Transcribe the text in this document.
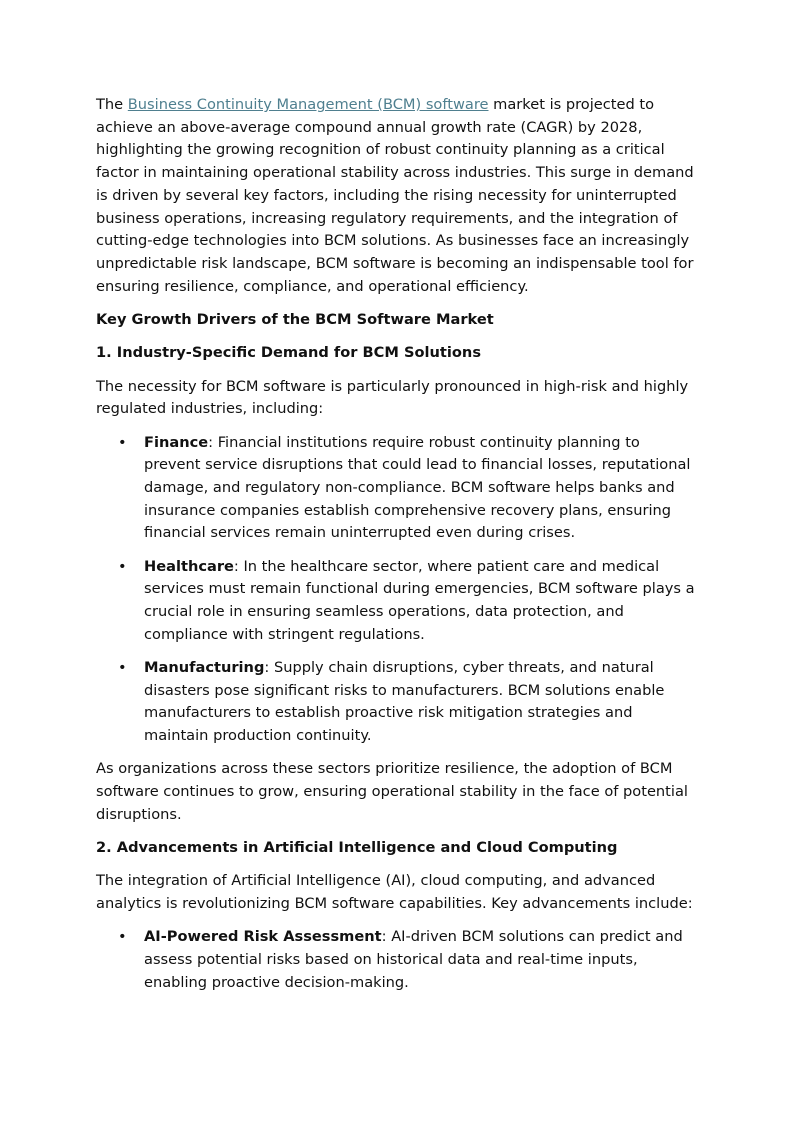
The Business Continuity Management (BCM) software market is projected to achieve an above-average compound annual growth rate (CAGR) by 2028, highlighting the growing recognition of robust continuity planning as a critical factor in maintaining operational stability across industries. This surge in demand is driven by several key factors, including the rising necessity for uninterrupted business operations, increasing regulatory requirements, and the integration of cutting-edge technologies into BCM solutions. As businesses face an increasingly unpredictable risk landscape, BCM software is becoming an indispensable tool for ensuring resilience, compliance, and operational efficiency.

Key Growth Drivers of the BCM Software Market

1. Industry-Specific Demand for BCM Solutions

The necessity for BCM software is particularly pronounced in high-risk and highly regulated industries, including:

• Finance: Financial institutions require robust continuity planning to prevent service disruptions that could lead to financial losses, reputational damage, and regulatory non-compliance. BCM software helps banks and insurance companies establish comprehensive recovery plans, ensuring financial services remain uninterrupted even during crises.
• Healthcare: In the healthcare sector, where patient care and medical services must remain functional during emergencies, BCM software plays a crucial role in ensuring seamless operations, data protection, and compliance with stringent regulations.
• Manufacturing: Supply chain disruptions, cyber threats, and natural disasters pose significant risks to manufacturers. BCM solutions enable manufacturers to establish proactive risk mitigation strategies and maintain production continuity.

As organizations across these sectors prioritize resilience, the adoption of BCM software continues to grow, ensuring operational stability in the face of potential disruptions.

2. Advancements in Artificial Intelligence and Cloud Computing

The integration of Artificial Intelligence (AI), cloud computing, and advanced analytics is revolutionizing BCM software capabilities. Key advancements include:

• AI-Powered Risk Assessment: AI-driven BCM solutions can predict and assess potential risks based on historical data and real-time inputs, enabling proactive decision-making.
